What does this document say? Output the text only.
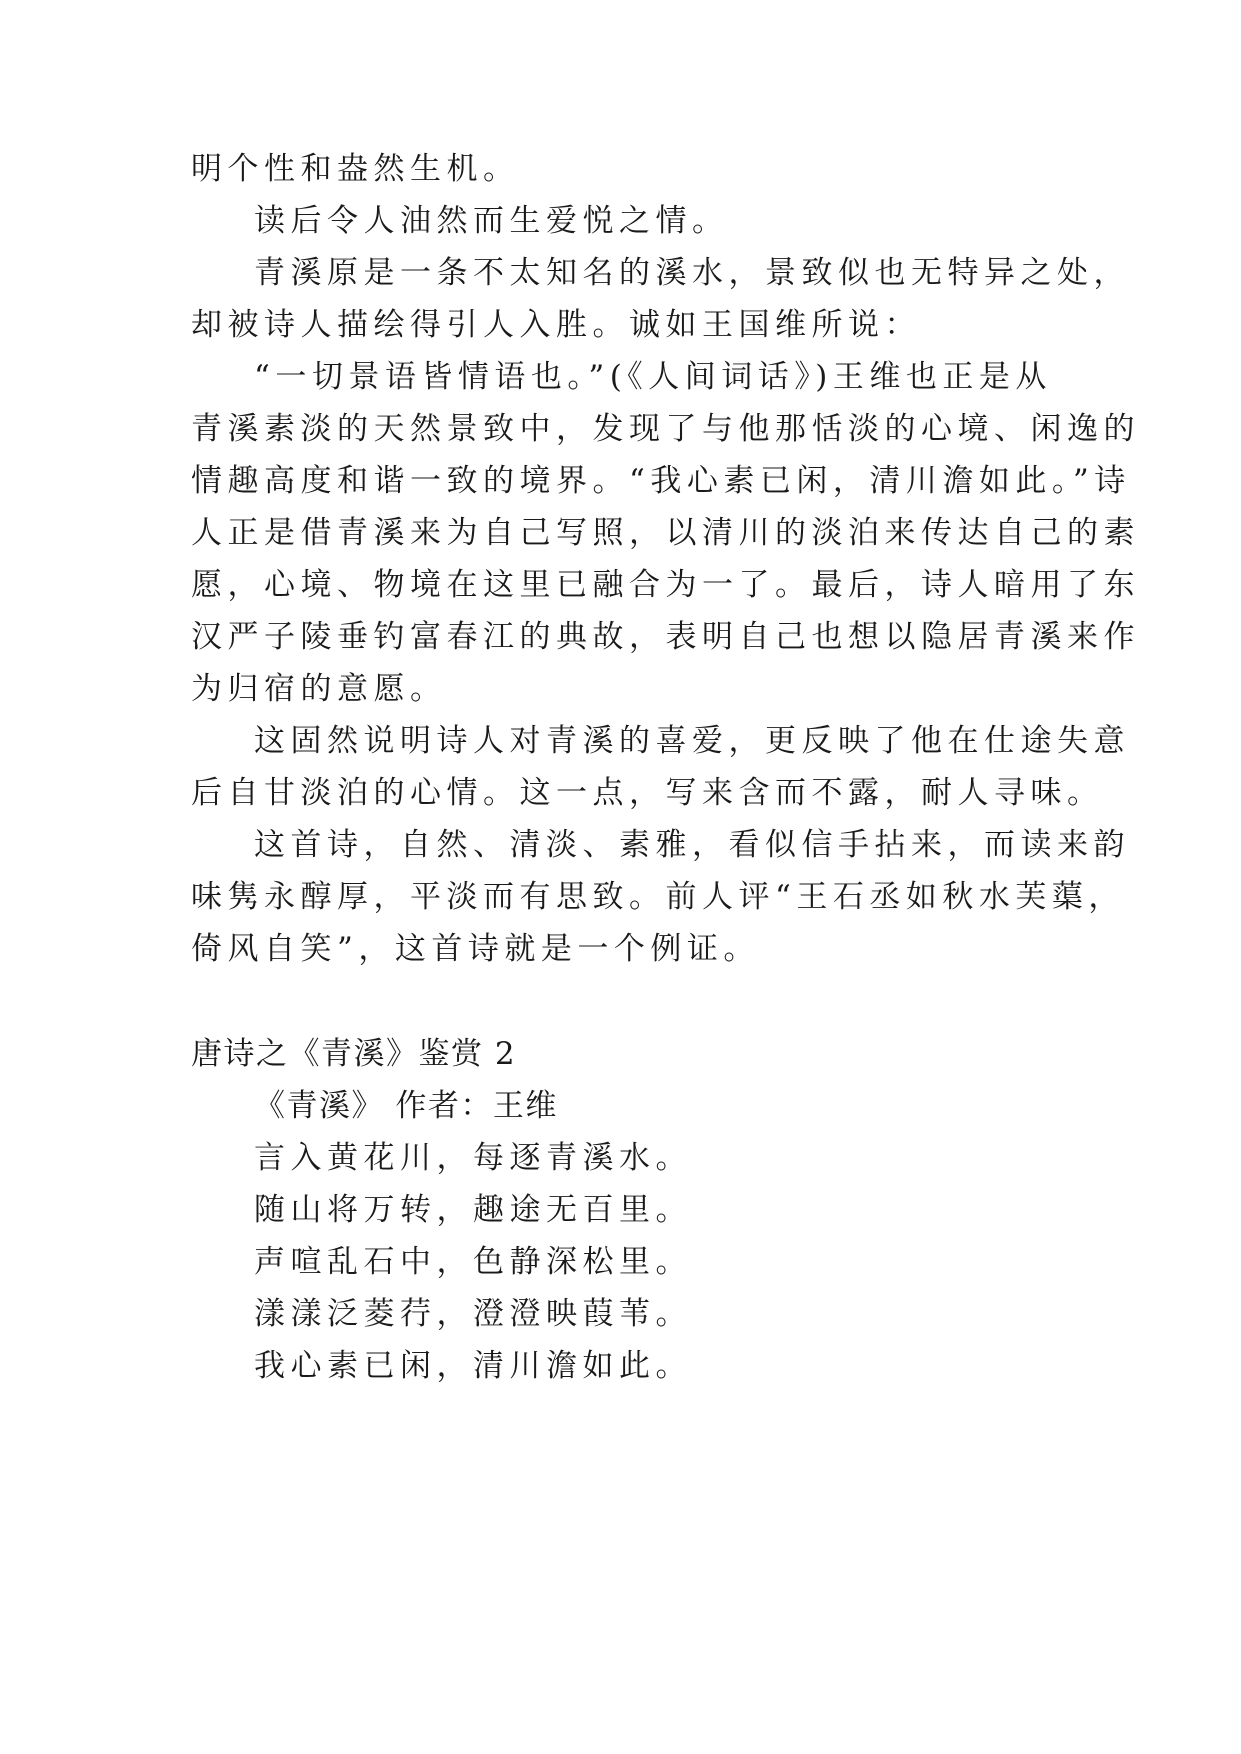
明个性和盎然生机。
读后令人油然而生爱悦之情。
青溪原是一条不太知名的溪水，景致似也无特异之处，
却被诗人描绘得引人入胜。诚如王国维所说：
“一切景语皆情语也。”(《人间词话》)王维也正是从
青溪素淡的天然景致中，发现了与他那恬淡的心境、闲逸的
情趣高度和谐一致的境界。“我心素已闲，清川澹如此。”诗
人正是借青溪来为自己写照，以清川的淡泊来传达自己的素
愿，心境、物境在这里已融合为一了。最后，诗人暗用了东
汉严子陵垂钓富春江的典故，表明自己也想以隐居青溪来作
为归宿的意愿。
这固然说明诗人对青溪的喜爱，更反映了他在仕途失意
后自甘淡泊的心情。这一点，写来含而不露，耐人寻味。
这首诗，自然、清淡、素雅，看似信手拈来，而读来韵
味隽永醇厚，平淡而有思致。前人评“王石丞如秋水芙蕖，
倚风自笑”，这首诗就是一个例证。
唐诗之《青溪》鉴赏 2
《青溪》 作者：王维
言入黄花川，每逐青溪水。
随山将万转，趣途无百里。
声喧乱石中，色静深松里。
漾漾泛菱荇，澄澄映葭苇。
我心素已闲，清川澹如此。
